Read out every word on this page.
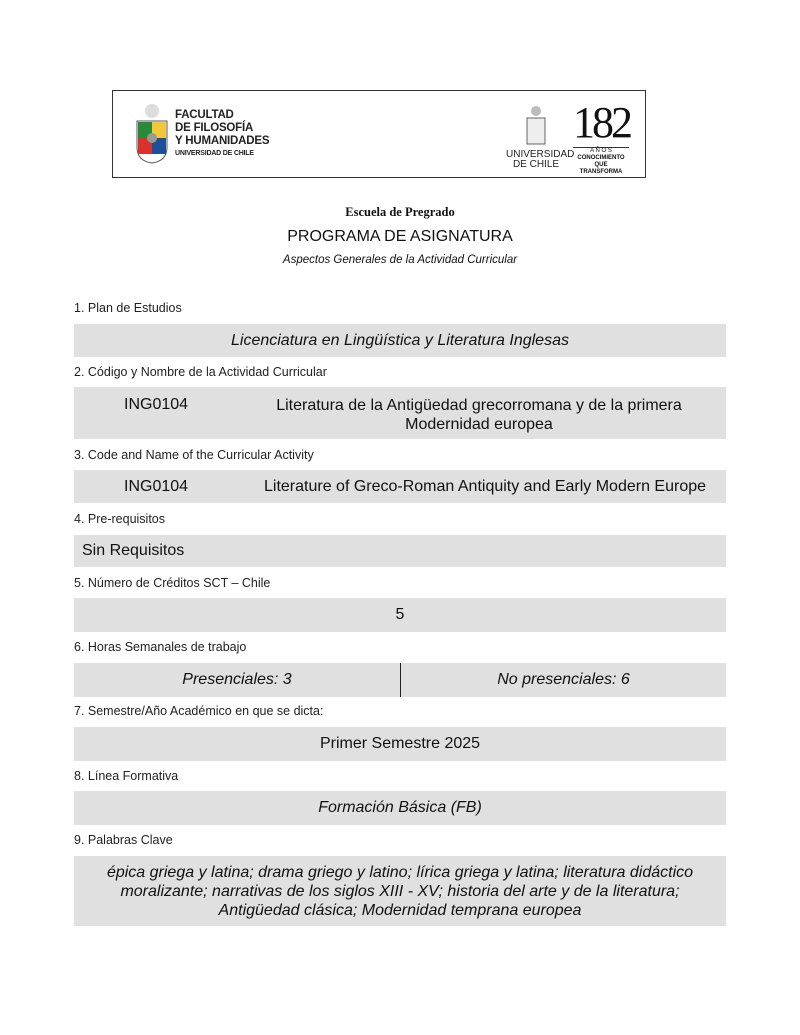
FACULTAD
DE FILOSOFÍA
Y HUMANIDADES
UNIVERSIDAD DE CHILE	UNIVERSIDAD
DE CHILE
182
A Ñ O S
CONOCIMIENTO
QUE TRANSFORMA
Escuela de Pregrado
PROGRAMA DE ASIGNATURA
Aspectos Generales de la Actividad Curricular
1. Plan de Estudios
Licenciatura en Lingüística y Literatura Inglesas
2. Código y Nombre de la Actividad Curricular
ING0104	Literatura de la Antigüedad grecorromana y de la primera Modernidad europea
3. Code and Name of the Curricular Activity
ING0104	Literature of Greco-Roman Antiquity and Early Modern Europe
4. Pre-requisitos
Sin Requisitos
5. Número de Créditos SCT – Chile
5
6. Horas Semanales de trabajo
Presenciales: 3	No presenciales: 6
7. Semestre/Año Académico en que se dicta:
Primer Semestre 2025
8. Línea Formativa
Formación Básica (FB)
9. Palabras Clave
épica griega y latina; drama griego y latino; lírica griega y latina; literatura didáctico moralizante; narrativas de los siglos XIII - XV; historia del arte y de la literatura; Antigüedad clásica; Modernidad temprana europea
